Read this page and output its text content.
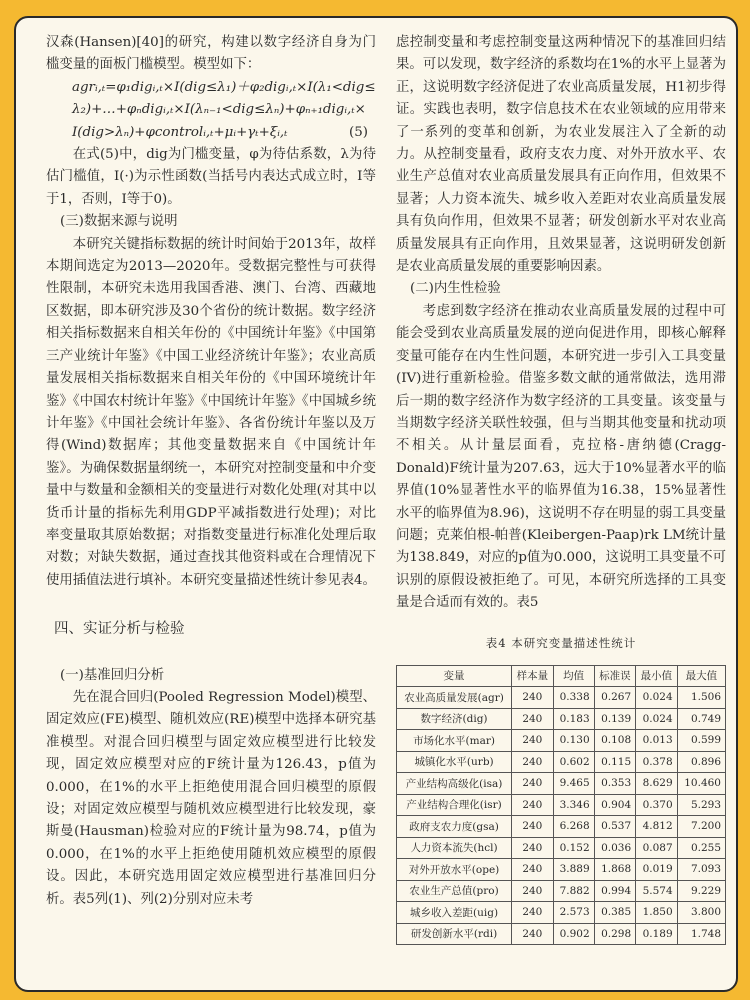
汉森(Hansen)[40]的研究，构建以数字经济自身为门槛变量的面板门槛模型。模型如下：

agrᵢ,ₜ=φ₁digᵢ,ₜ×I(dig≤λ₁)＋φ₂digᵢ,ₜ×I(λ₁<dig≤
λ₂)+…+φₙdigᵢ,ₜ×I(λₙ₋₁<dig≤λₙ)+φₙ₊₁digᵢ,ₜ×
I(dig>λₙ)+φcontrolᵢ,ₜ+μᵢ+γₜ+ξᵢ,ₜ	(5)

在式(5)中，dig为门槛变量，φ为待估系数，λ为待估门槛值，I(·)为示性函数(当括号内表达式成立时，I等于1，否则，I等于0)。

(三)数据来源与说明

本研究关键指标数据的统计时间始于2013年，故样本期间选定为2013—2020年。受数据完整性与可获得性限制，本研究未选用我国香港、澳门、台湾、西藏地区数据，即本研究涉及30个省份的统计数据。数字经济相关指标数据来自相关年份的《中国统计年鉴》《中国第三产业统计年鉴》《中国工业经济统计年鉴》；农业高质量发展相关指标数据来自相关年份的《中国环境统计年鉴》《中国农村统计年鉴》《中国统计年鉴》《中国城乡统计年鉴》《中国社会统计年鉴》、各省份统计年鉴以及万得(Wind)数据库；其他变量数据来自《中国统计年鉴》。为确保数据量纲统一，本研究对控制变量和中介变量中与数量和金额相关的变量进行对数化处理(对其中以货币计量的指标先利用GDP平减指数进行处理)；对比率变量取其原始数据；对指数变量进行标准化处理后取对数；对缺失数据，通过查找其他资料或在合理情况下使用插值法进行填补。本研究变量描述性统计参见表4。

四、实证分析与检验
(一)基准回归分析

先在混合回归(Pooled Regression Model)模型、固定效应(FE)模型、随机效应(RE)模型中选择本研究基准模型。对混合回归模型与固定效应模型进行比较发现，固定效应模型对应的F统计量为126.43，p值为0.000，在1%的水平上拒绝使用混合回归模型的原假设；对固定效应模型与随机效应模型进行比较发现，豪斯曼(Hausman)检验对应的F统计量为98.74，p值为0.000，在1%的水平上拒绝使用随机效应模型的原假设。因此，本研究选用固定效应模型进行基准回归分析。表5列(1)、列(2)分别对应未考

虑控制变量和考虑控制变量这两种情况下的基准回归结果。可以发现，数字经济的系数均在1%的水平上显著为正，这说明数字经济促进了农业高质量发展，H1初步得证。实践也表明，数字信息技术在农业领域的应用带来了一系列的变革和创新，为农业发展注入了全新的动力。从控制变量看，政府支农力度、对外开放水平、农业生产总值对农业高质量发展具有正向作用，但效果不显著；人力资本流失、城乡收入差距对农业高质量发展具有负向作用，但效果不显著；研发创新水平对农业高质量发展具有正向作用，且效果显著，这说明研发创新是农业高质量发展的重要影响因素。

(二)内生性检验

考虑到数字经济在推动农业高质量发展的过程中可能会受到农业高质量发展的逆向促进作用，即核心解释变量可能存在内生性问题，本研究进一步引入工具变量(IV)进行重新检验。借鉴多数文献的通常做法，选用滞后一期的数字经济作为数字经济的工具变量。该变量与当期数字经济关联性较强，但与当期其他变量和扰动项不相关。从计量层面看，克拉格-唐纳德(Cragg-Donald)F统计量为207.63，远大于10%显著水平的临界值(10%显著性水平的临界值为16.38，15%显著性水平的临界值为8.96)，这说明不存在明显的弱工具变量问题；克莱伯根-帕普(Kleibergen-Paap)rk LM统计量为138.849，对应的p值为0.000，这说明工具变量不可识别的原假设被拒绝了。可见，本研究所选择的工具变量是合适而有效的。表5

表4 本研究变量描述性统计
变量	样本量	均值	标准误	最小值	最大值
农业高质量发展(agr)	240	0.338	0.267	0.024	1.506
数字经济(dig)	240	0.183	0.139	0.024	0.749
市场化水平(mar)	240	0.130	0.108	0.013	0.599
城镇化水平(urb)	240	0.602	0.115	0.378	0.896
产业结构高级化(isa)	240	9.465	0.353	8.629	10.460
产业结构合理化(isr)	240	3.346	0.904	0.370	5.293
政府支农力度(gsa)	240	6.268	0.537	4.812	7.200
人力资本流失(hcl)	240	0.152	0.036	0.087	0.255
对外开放水平(ope)	240	3.889	1.868	0.019	7.093
农业生产总值(pro)	240	7.882	0.994	5.574	9.229
城乡收入差距(uig)	240	2.573	0.385	1.850	3.800
研发创新水平(rdi)	240	0.902	0.298	0.189	1.748
